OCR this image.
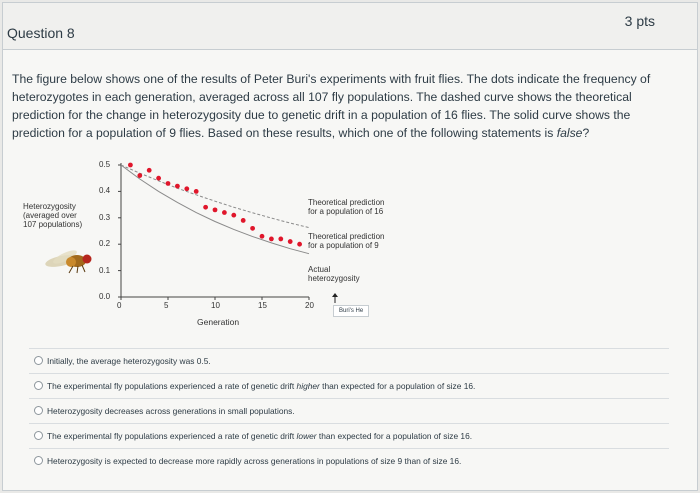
Question 8
3 pts
The figure below shows one of the results of Peter Buri's experiments with fruit flies. The dots indicate the frequency of heterozygotes in each generation, averaged across all 107 fly populations. The dashed curve shows the theoretical prediction for the change in heterozygosity due to genetic drift in a population of 16 flies. The solid curve shows the prediction for a population of 9 flies. Based on these results, which one of the following statements is false?
Heterozygosity
(averaged over
107 populations)
0.0
0.1
0.2
0.3
0.4
0.5
0	5	10	15	20
Generation
Theoretical prediction
for a population of 16
Theoretical prediction
for a population of 9
Actual
heterozygosity
Buri's He
Initially, the average heterozygosity was 0.5.
The experimental fly populations experienced a rate of genetic drift higher than expected for a population of size 16.
Heterozygosity decreases across generations in small populations.
The experimental fly populations experienced a rate of genetic drift lower than expected for a population of size 16.
Heterozygosity is expected to decrease more rapidly across generations in populations of size 9 than of size 16.
